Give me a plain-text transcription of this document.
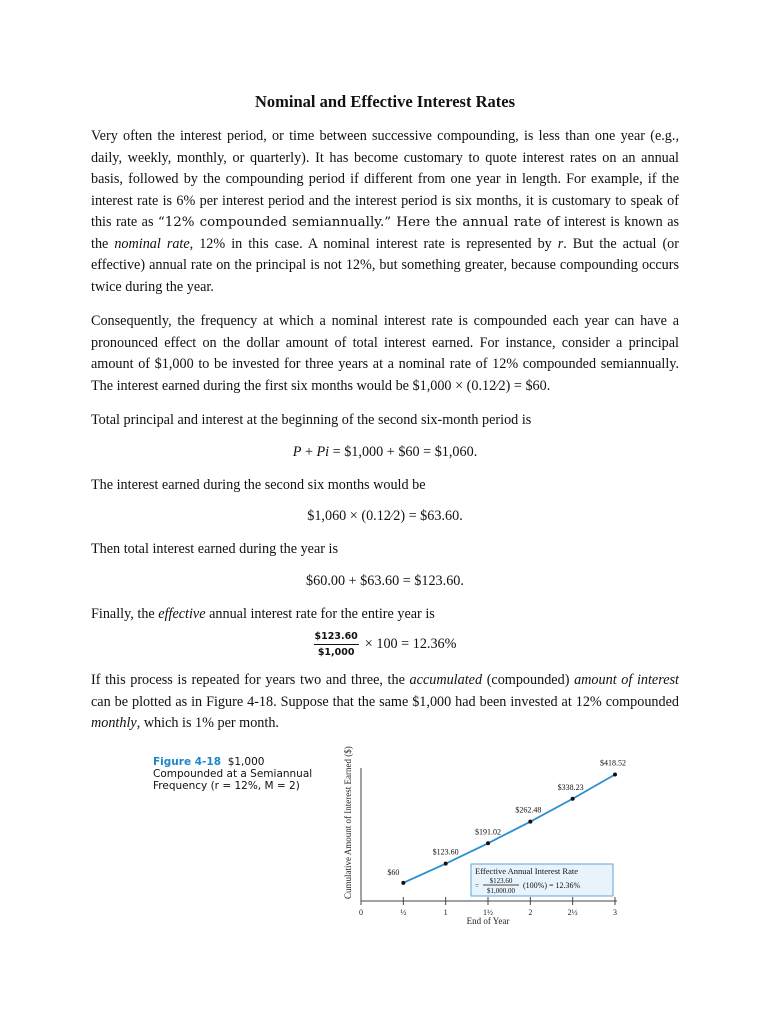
Nominal and Effective Interest Rates

Very often the interest period, or time between successive compounding, is less than one year (e.g., daily, weekly, monthly, or quarterly). It has become customary to quote interest rates on an annual basis, followed by the compounding period if different from one year in length. For example, if the interest rate is 6% per interest period and the interest period is six months, it is customary to speak of this rate as “12% compounded semiannually.” Here the annual rate of interest is known as the nominal rate, 12% in this case. A nominal interest rate is represented by r. But the actual (or effective) annual rate on the principal is not 12%, but something greater, because compounding occurs twice during the year.

Consequently, the frequency at which a nominal interest rate is compounded each year can have a pronounced effect on the dollar amount of total interest earned. For instance, consider a principal amount of $1,000 to be invested for three years at a nominal rate of 12% compounded semiannually. The interest earned during the first six months would be $1,000 × (0.12⁄2) = $60.

Total principal and interest at the beginning of the second six-month period is

P + Pi = $1,000 + $60 = $1,060.

The interest earned during the second six months would be

$1,060 × (0.12⁄2) = $63.60.

Then total interest earned during the year is

$60.00 + $63.60 = $123.60.

Finally, the effective annual interest rate for the entire year is

$\frac{\$123.60}{\$1,000} \times 100 = 12.36\%$

If this process is repeated for years two and three, the accumulated (compounded) amount of interest can be plotted as in Figure 4-18. Suppose that the same $1,000 had been invested at 12% compounded monthly, which is 1% per month.

Figure 4-18 $1,000
Compounded at a Semiannual
Frequency (r = 12%, M = 2)	Cumulative Amount of Interest Earned ($)
0	½	1	1½	2	2½	3
End of Year
$60
$123.60
$191.02
$262.48
$338.23
$418.52
Effective Annual Interest Rate
=
$123.60
$1,000.00
(100%) = 12.36%
